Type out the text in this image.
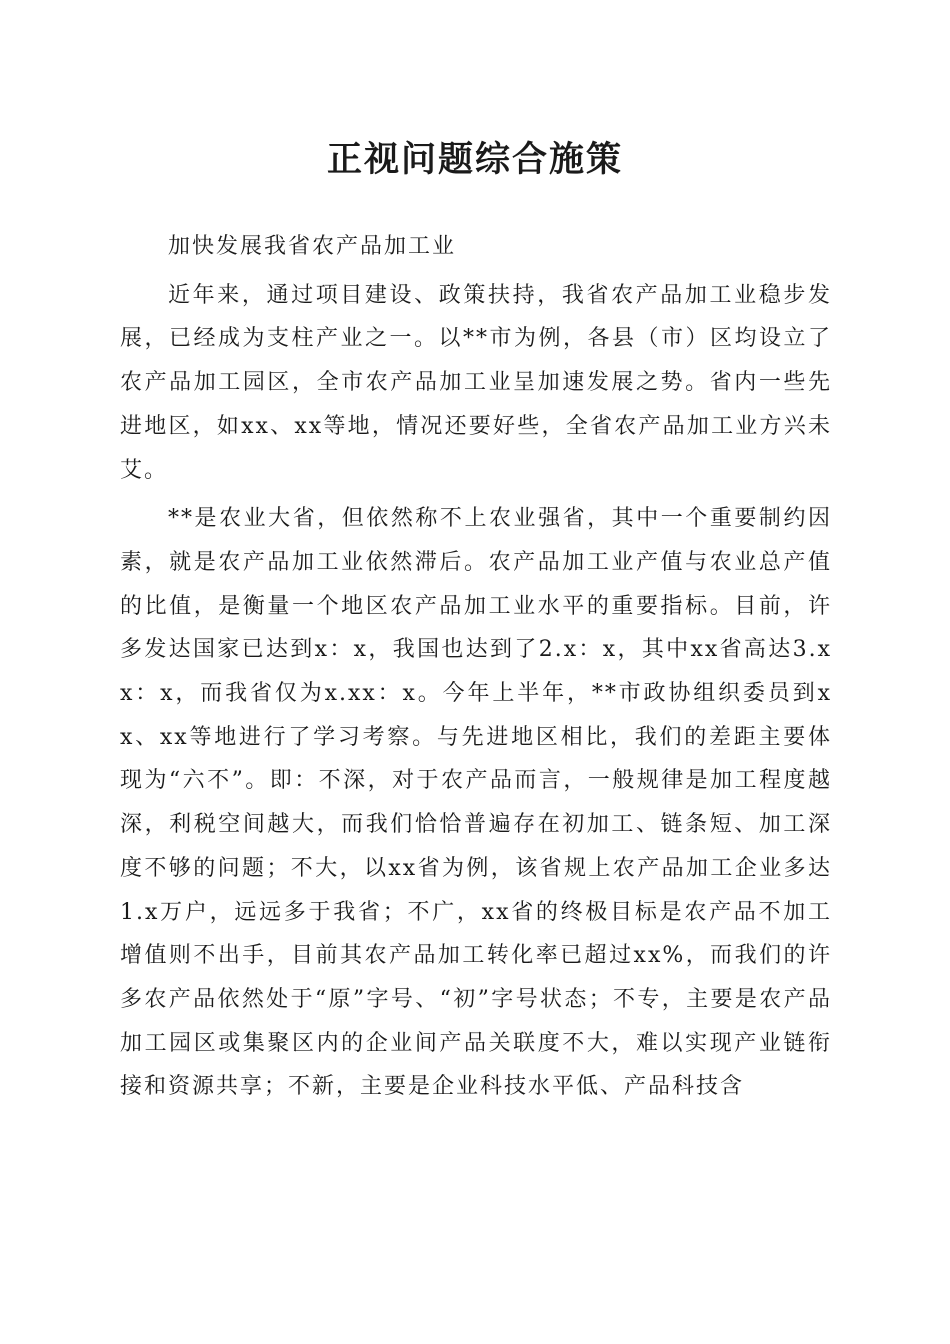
正视问题综合施策

加快发展我省农产品加工业

近年来，通过项目建设、政策扶持，我省农产品加工业稳步发展，已经成为支柱产业之一。以**市为例，各县（市）区均设立了农产品加工园区，全市农产品加工业呈加速发展之势。省内一些先进地区，如xx、xx等地，情况还要好些，全省农产品加工业方兴未艾。

**是农业大省，但依然称不上农业强省，其中一个重要制约因素，就是农产品加工业依然滞后。农产品加工业产值与农业总产值的比值，是衡量一个地区农产品加工业水平的重要指标。目前，许多发达国家已达到x：x，我国也达到了2.x：x，其中xx省高达3.xx：x，而我省仅为x.xx：x。今年上半年，**市政协组织委员到xx、xx等地进行了学习考察。与先进地区相比，我们的差距主要体现为“六不”。即：不深，对于农产品而言，一般规律是加工程度越深，利税空间越大，而我们恰恰普遍存在初加工、链条短、加工深度不够的问题；不大，以xx省为例，该省规上农产品加工企业多达1.x万户，远远多于我省；不广，xx省的终极目标是农产品不加工增值则不出手，目前其农产品加工转化率已超过xx%，而我们的许多农产品依然处于“原”字号、“初”字号状态；不专，主要是农产品加工园区或集聚区内的企业间产品关联度不大，难以实现产业链衔接和资源共享；不新，主要是企业科技水平低、产品科技含
